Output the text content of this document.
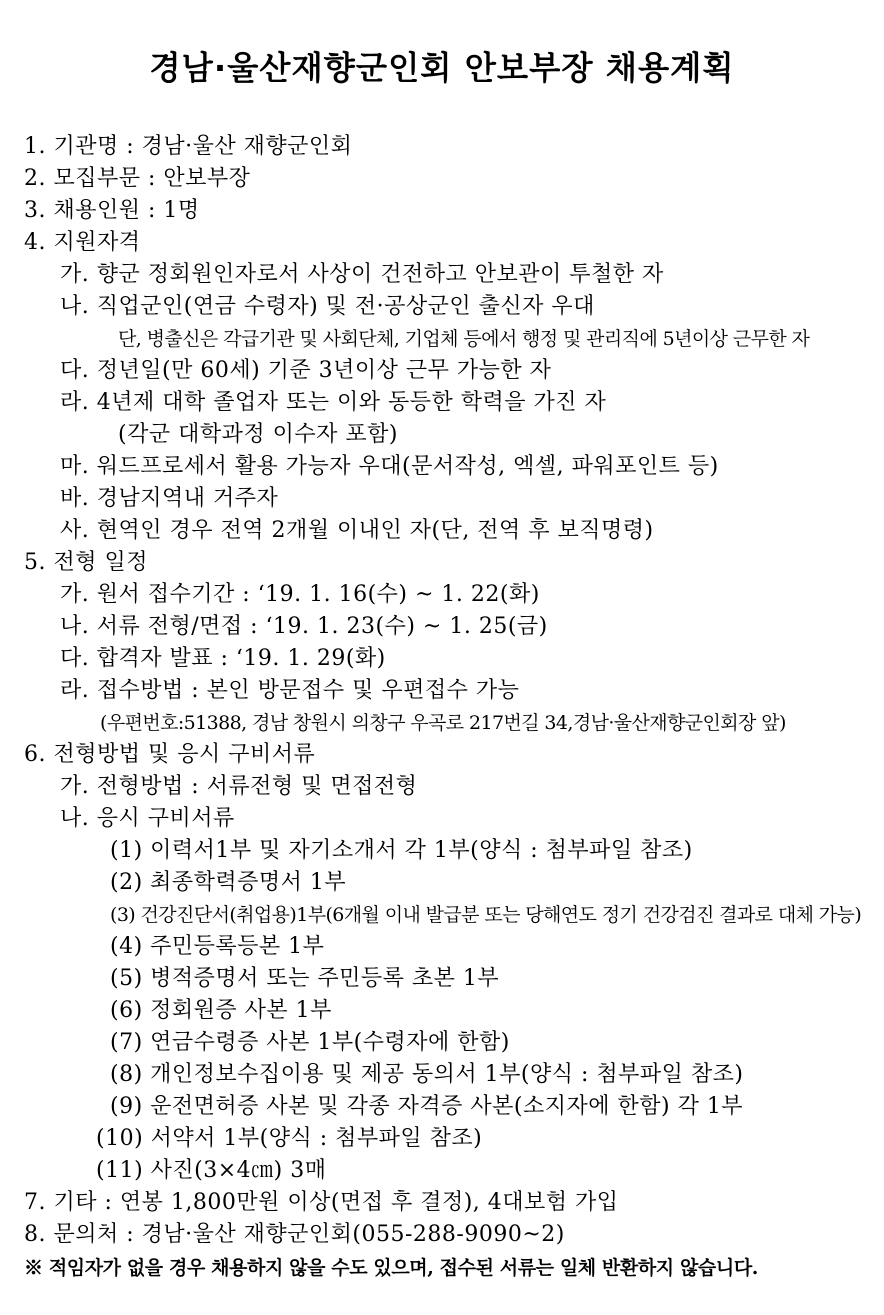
경남·울산재향군인회 안보부장 채용계획
1. 기관명 : 경남·울산 재향군인회
2. 모집부문 : 안보부장
3. 채용인원 : 1명
4. 지원자격
가. 향군 정회원인자로서 사상이 건전하고 안보관이 투철한 자
나. 직업군인(연금 수령자) 및 전·공상군인 출신자 우대
단, 병출신은 각급기관 및 사회단체, 기업체 등에서 행정 및 관리직에 5년이상 근무한 자
다. 정년일(만 60세) 기준 3년이상 근무 가능한 자
라. 4년제 대학 졸업자 또는 이와 동등한 학력을 가진 자
(각군 대학과정 이수자 포함)
마. 워드프로세서 활용 가능자 우대(문서작성, 엑셀, 파워포인트 등)
바. 경남지역내 거주자
사. 현역인 경우 전역 2개월 이내인 자(단, 전역 후 보직명령)
5. 전형 일정
가. 원서 접수기간 : ‘19. 1. 16(수) ~ 1. 22(화)
나. 서류 전형/면접 : ‘19. 1. 23(수) ~ 1. 25(금)
다. 합격자 발표 : ‘19. 1. 29(화)
라. 접수방법 : 본인 방문접수 및 우편접수 가능
(우편번호:51388, 경남 창원시 의창구 우곡로 217번길 34,경남·울산재향군인회장 앞)
6. 전형방법 및 응시 구비서류
가. 전형방법 : 서류전형 및 면접전형
나. 응시 구비서류
(1) 이력서1부 및 자기소개서 각 1부(양식 : 첨부파일 참조)
(2) 최종학력증명서 1부
(3) 건강진단서(취업용)1부(6개월 이내 발급분 또는 당해연도 정기 건강검진 결과로 대체 가능)
(4) 주민등록등본 1부
(5) 병적증명서 또는 주민등록 초본 1부
(6) 정회원증 사본 1부
(7) 연금수령증 사본 1부(수령자에 한함)
(8) 개인정보수집이용 및 제공 동의서 1부(양식 : 첨부파일 참조)
(9) 운전면허증 사본 및 각종 자격증 사본(소지자에 한함) 각 1부
(10) 서약서 1부(양식 : 첨부파일 참조)
(11) 사진(3×4㎝) 3매
7. 기타 : 연봉 1,800만원 이상(면접 후 결정), 4대보험 가입
8. 문의처 : 경남·울산 재향군인회(055-288-9090~2)
※ 적임자가 없을 경우 채용하지 않을 수도 있으며, 접수된 서류는 일체 반환하지 않습니다.
